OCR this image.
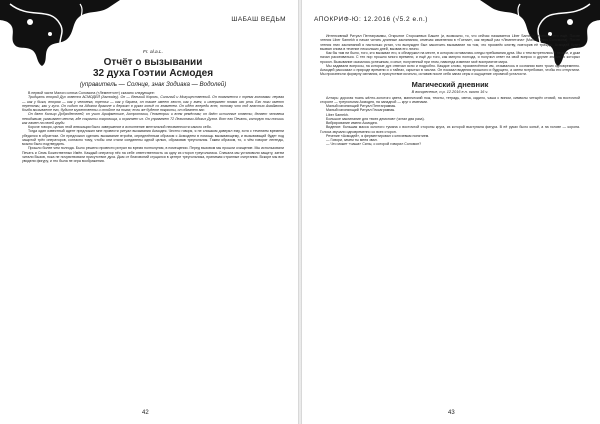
ШАБАШ ВЕДЬМ
Fr. al.a.L.
Отчёт о вызывании
32 духа Гоэтии Асмодея
(управитель — Солнце, знак Зодиака — Водолей)

В первой части Малого ключа Соломона («Лемегетон») сказано следующее:

Тридцать второй Дух зовется АСМОДЕЙ (Asmoday). Он — Великий Король, Сильный и Могущественный. Он появляется с тремя головами: первая — как у быка, вторая — как у человека, третья — как у барана, он также имеет хвост, как у змея, и извергает пламя изо рта. Его ноги имеют перепонки, как у гуся. Он сидит на Адском драконе и держит в руках копьё со знаменем. Он идёт впереди всех, потому что под властью Амаймона. Когда вызываете его, будьте мужественны и стойте на ногах; если же будете покрыты, он обманет вас.

Он дает Кольцо Добродетелей; он учит Арифметике, Астрономии, Геометрии и всем ремёслам; он даёт истинные ответы; делает человека невидимым; указывает места, где сокрыты сокровища, и охраняет их. Он управляет 72 Легионами Адских Духов. Вот его Печать, которую ты носишь как ламен на своей груди.

Короче говоря, целью этой инвокации было завершение и исполнение ментальной неизменности самого себя.

Тогда один известный адепт предложил мне провести ритуал вызывания Асмодея. Честно говоря, я не слишком доверял ему, хотя с течением времени убедился в обратном. Он предложил сделать вызывание втроём, определённым образом с Асмодеем в помощь вызывающему, и вызывающий будет под защитой трёх операторов, согласно тому, чтобы они стали соединены одной целью, образовав треугольник. Таким образом, то, о чём говорят легенды, можно было подтвердить.

Прошло более чем полгода. Было решено провести ритуал во время полнолуния, в помещении. Перед вызовом мы прошли очищение. Мы использовали Печать и Семь Божественных Имён. Каждый оператор нёс на себе ответственность за одну из сторон треугольника. Сначала мы установили защиту, затем читали Вызов, пока не почувствовали присутствие духа. Дым от благовоний сгущался в центре треугольника, принимая странные очертания. Вскоре мы все увидели фигуру, и это была не игра воображения.

42
АПОКРИФ-Ю: 12.2016 (√5.2 e.n.)

Интенсивный Ритуал Пентаграммы, Открытие Сторожевых Башен (и, возможно, то, что сейчас называется Liber Samekh) и много чего ещё. После чтения Liber Samekh я начал читать длинные заклинания, отмечая изменения в «Гоэтии», как первый раз «Лемегетона» (Малый ключ Соломона). После чтения этих заклинаний я настолько устал, что вынужден был закончить вызывание на том, что произнёс клятву, повторив её трижды. Асмодей будет вызван снова в течение нескольких дней, вызвав его лично.

Как бы там ни было, того, кто вызывал его, я обнаружил на месте, в котором оставались следы пребывания духа. Мы с тем встретились у печати, и дым начал рассеиваться. С тех пор прошло много времени, и ещё до того, как минуло полгода, я получил ответ на свой вопрос и другие знания, о которых просил. Вызывание оказалось успешным, и опыт, полученный при этом, навсегда изменил моё восприятие мира.

Мы задавали вопросы, на которые дух отвечал ясно и подробно. Каждое слово, произнесённое им, отзывалось в сознании всех троих одновременно. Асмодей рассказал о природе времени и о тайнах, скрытых в числах. Он показал видения прошлого и будущего, а затем потребовал, чтобы его отпустили. Мы произнесли формулу изгнания, и присутствие исчезло, оставив после себя запах серы и ощущение огромной усталости.

Магический дневник
В воскресенье, п.р. 12.2016 е.н. около 16 ч.

Алтарь: дорогая ткань жёлто-золотого цвета, магический нож, тексты, тетрадь, свеча, кадило, чаша с вином, символы четырёх стихий, на восточной стороне — треугольник Асмодея, на западной — круг с именами.

Малый изгоняющий Ритуал Пентаграммы.

Малый изгоняющий Ритуал Гексаграммы.

Liber Samekh.

Большое заклинание для «всех демонов» (читал два раза).

Вибрирование имени Асмодея.

Видение: большая масса золотого тумана с восточной стороны круга, из которой выступала фигура. В её руках было копьё, а на голове — корона. Голоса звучали одновременно со всех сторон.

Речение «Асмодей», я ферментировал с ключевым понятием.

— Говори, зачем ты меня звал.

— Что может «чаша» Силы, о которой говорил Соломон?

43
